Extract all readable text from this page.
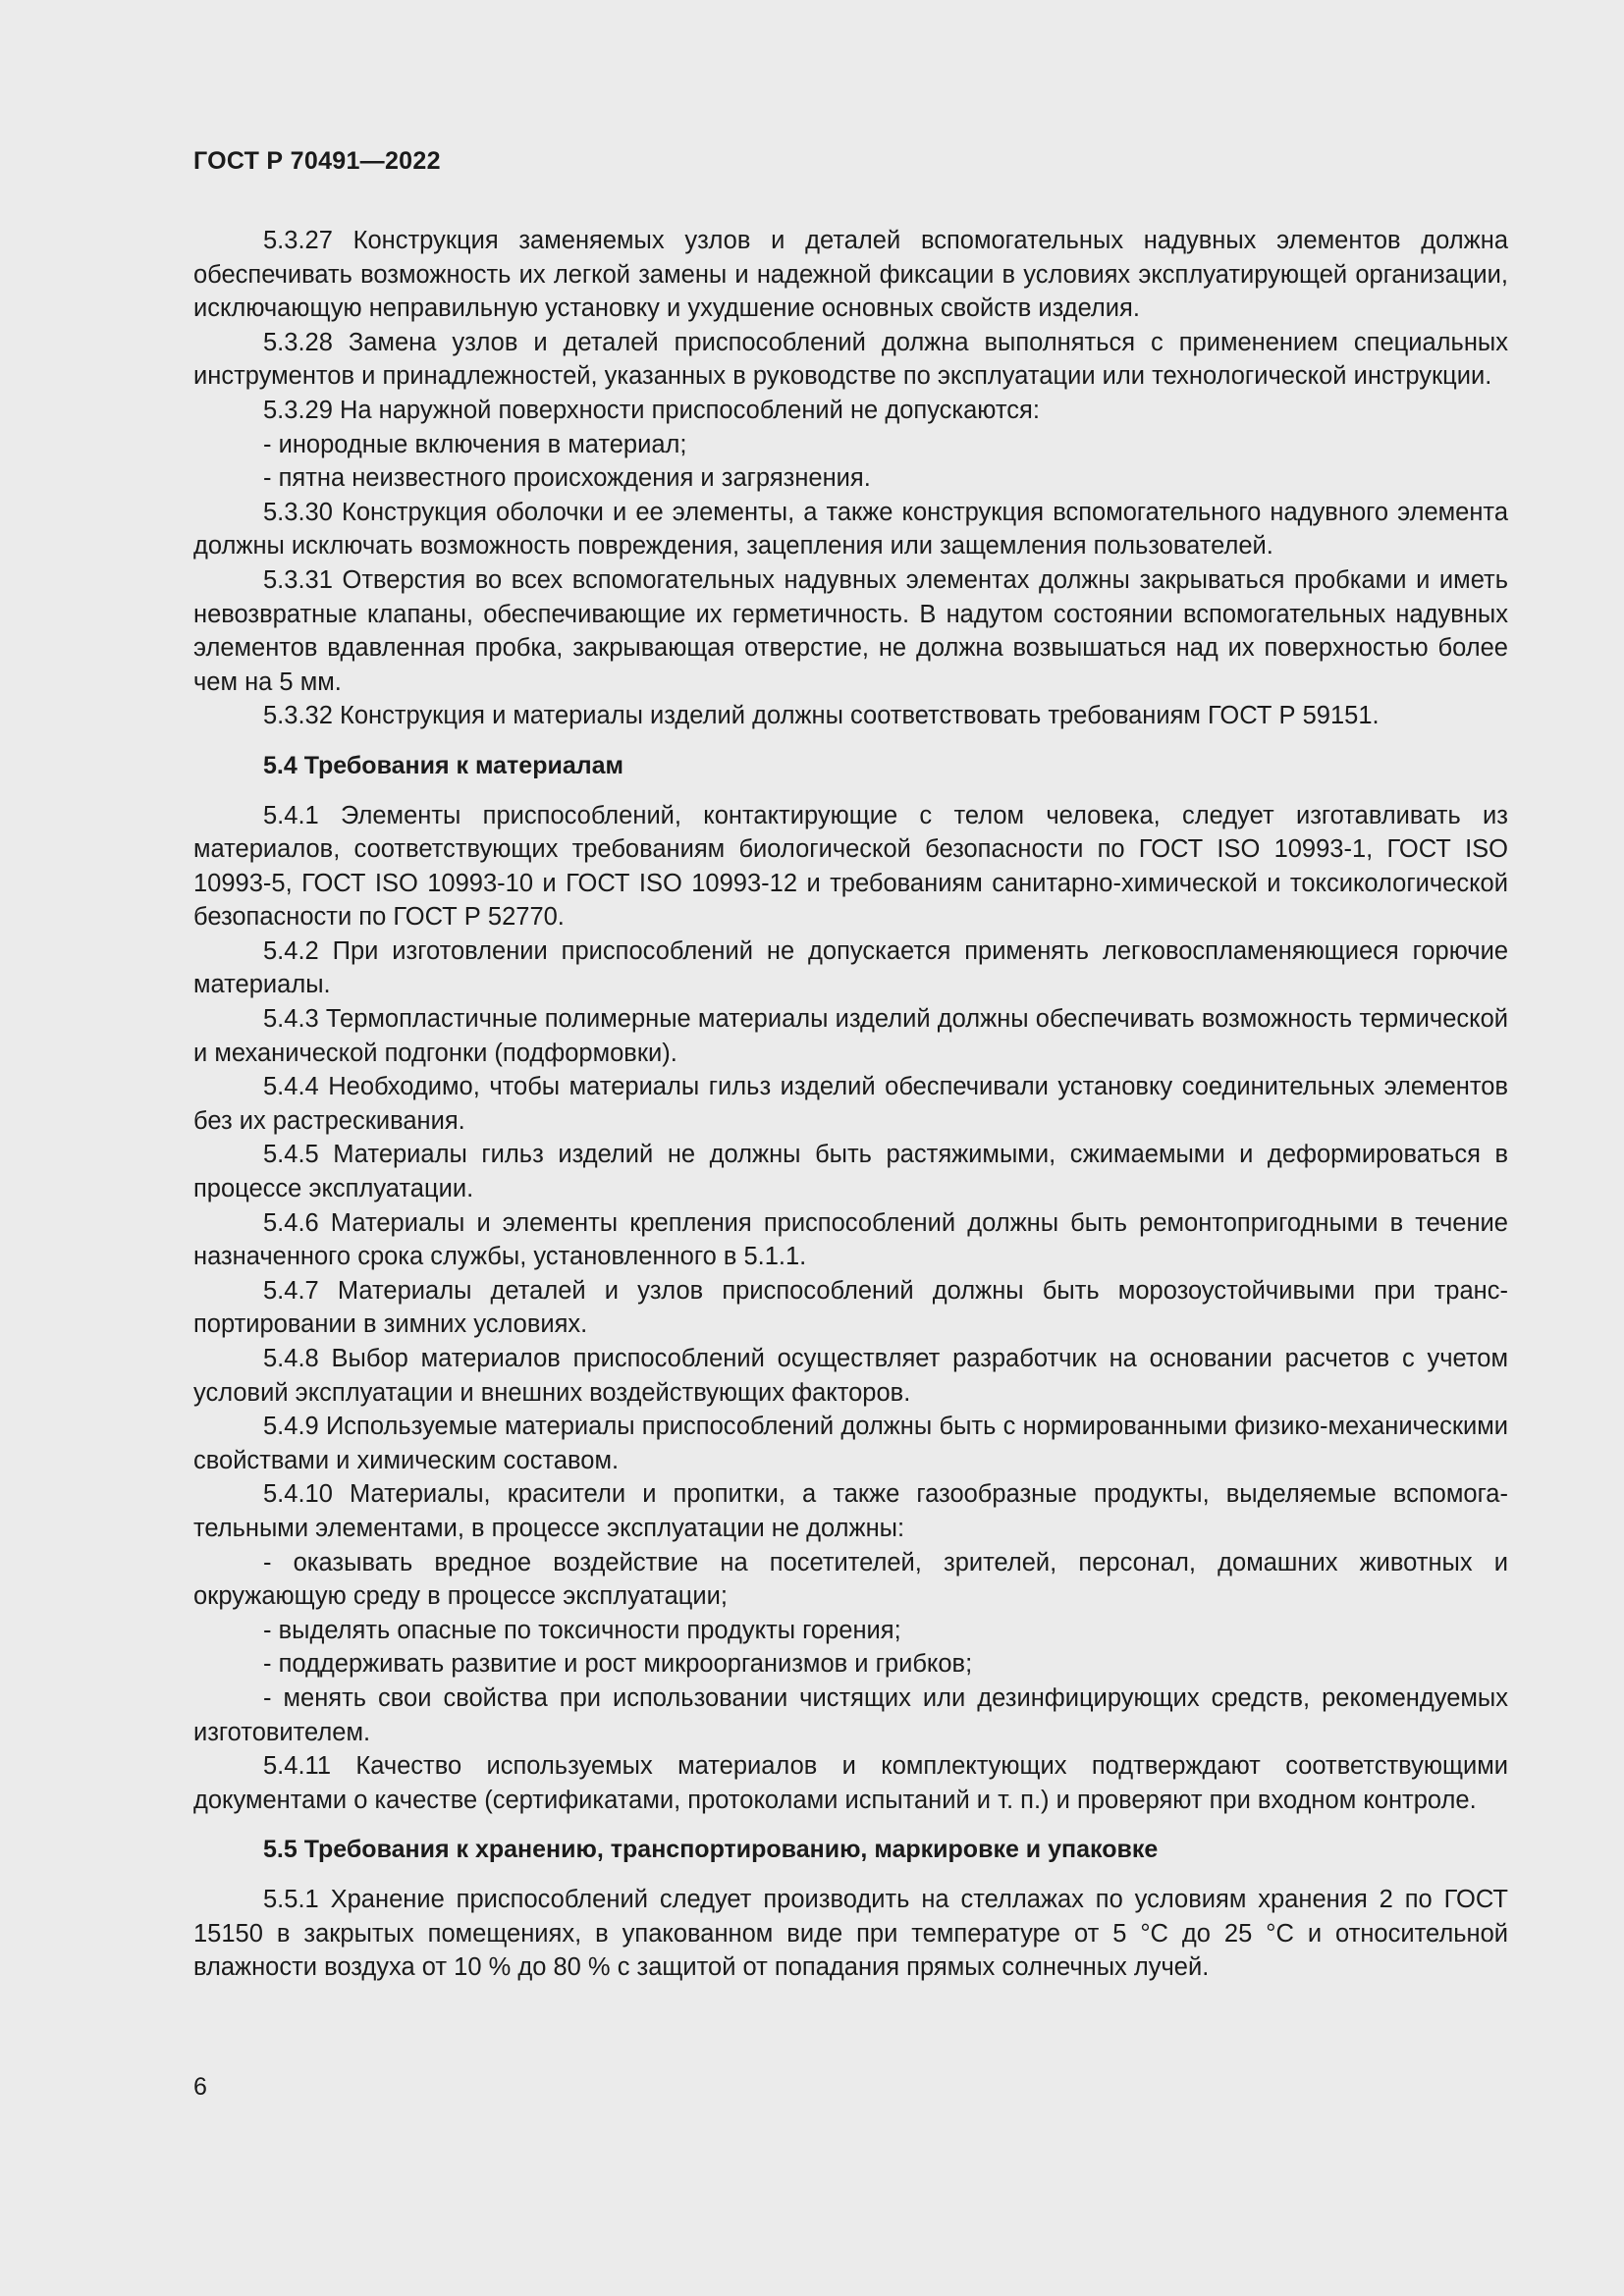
ГОСТ Р 70491—2022

5.3.27 Конструкция заменяемых узлов и деталей вспомогательных надувных элементов должна обеспечивать возможность их легкой замены и надежной фиксации в условиях эксплуатирующей организации, исключающую неправильную установку и ухудшение основных свойств изделия.

5.3.28 Замена узлов и деталей приспособлений должна выполняться с применением специальных инструментов и принадлежностей, указанных в руководстве по эксплуатации или технологической инструкции.

5.3.29 На наружной поверхности приспособлений не допускаются:

- инородные включения в материал;

- пятна неизвестного происхождения и загрязнения.

5.3.30 Конструкция оболочки и ее элементы, а также конструкция вспомогательного надувного элемента должны исключать возможность повреждения, зацепления или защемления пользователей.

5.3.31 Отверстия во всех вспомогательных надувных элементах должны закрываться пробками и иметь невозвратные клапаны, обеспечивающие их герметичность. В надутом состоянии вспомогательных надувных элементов вдавленная пробка, закрывающая отверстие, не должна возвышаться над их поверхностью более чем на 5 мм.

5.3.32 Конструкция и материалы изделий должны соответствовать требованиям ГОСТ Р 59151.

5.4 Требования к материалам

5.4.1 Элементы приспособлений, контактирующие с телом человека, следует изготавливать из материалов, соответствующих требованиям биологической безопасности по ГОСТ ISO 10993-1, ГОСТ ISO 10993-5, ГОСТ ISO 10993-10 и ГОСТ ISO 10993-12 и требованиям санитарно-химической и токсикологической безопасности по ГОСТ Р 52770.

5.4.2 При изготовлении приспособлений не допускается применять легковоспламеняющиеся горючие материалы.

5.4.3 Термопластичные полимерные материалы изделий должны обеспечивать возможность термической и механической подгонки (подформовки).

5.4.4 Необходимо, чтобы материалы гильз изделий обеспечивали установку соединительных элементов без их растрескивания.

5.4.5 Материалы гильз изделий не должны быть растяжимыми, сжимаемыми и деформироваться в процессе эксплуатации.

5.4.6 Материалы и элементы крепления приспособлений должны быть ремонтопригодными в течение назначенного срока службы, установленного в 5.1.1.

5.4.7 Материалы деталей и узлов приспособлений должны быть морозоустойчивыми при транспортировании в зимних условиях.

5.4.8 Выбор материалов приспособлений осуществляет разработчик на основании расчетов с учетом условий эксплуатации и внешних воздействующих факторов.

5.4.9 Используемые материалы приспособлений должны быть с нормированными физико-механическими свойствами и химическим составом.

5.4.10 Материалы, красители и пропитки, а также газообразные продукты, выделяемые вспомогательными элементами, в процессе эксплуатации не должны:

- оказывать вредное воздействие на посетителей, зрителей, персонал, домашних животных и окружающую среду в процессе эксплуатации;

- выделять опасные по токсичности продукты горения;

- поддерживать развитие и рост микроорганизмов и грибков;

- менять свои свойства при использовании чистящих или дезинфицирующих средств, рекомендуемых изготовителем.

5.4.11 Качество используемых материалов и комплектующих подтверждают соответствующими документами о качестве (сертификатами, протоколами испытаний и т. п.) и проверяют при входном контроле.

5.5 Требования к хранению, транспортированию, маркировке и упаковке

5.5.1 Хранение приспособлений следует производить на стеллажах по условиям хранения 2 по ГОСТ 15150 в закрытых помещениях, в упакованном виде при температуре от 5 °С до 25 °С и относительной влажности воздуха от 10 % до 80 % с защитой от попадания прямых солнечных лучей.

6
